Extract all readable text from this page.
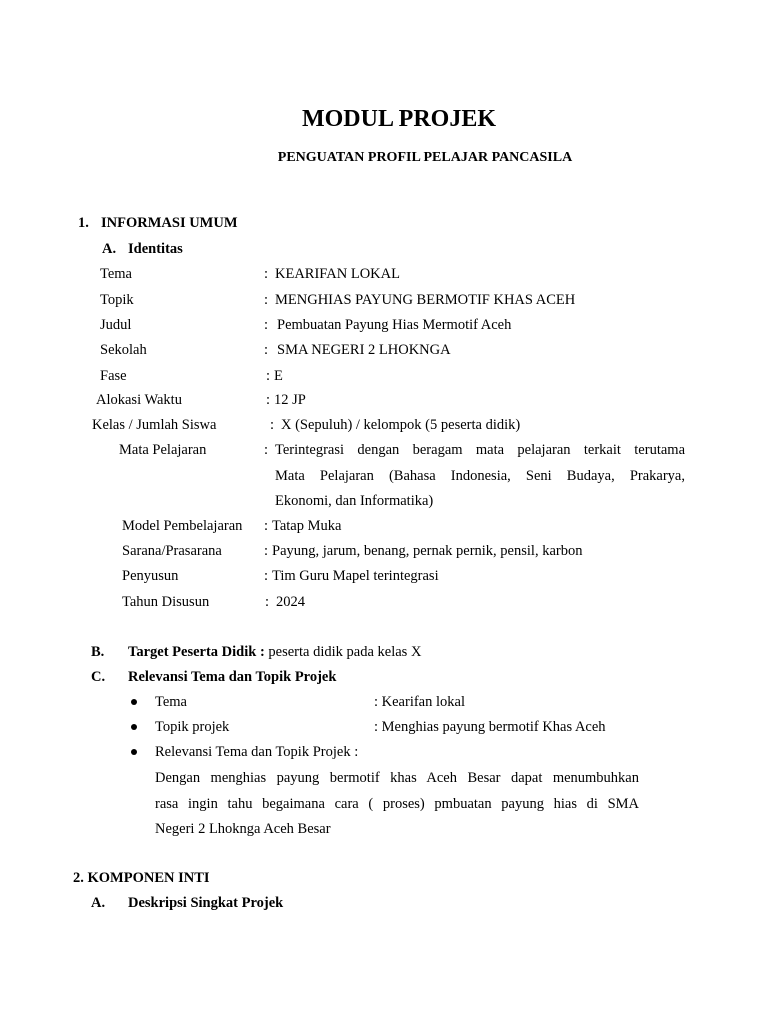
MODUL PROJEK
PENGUATAN PROFIL PELAJAR PANCASILA
1. INFORMASI UMUM
A. Identitas
Tema	: KEARIFAN LOKAL
Topik	: MENGHIAS PAYUNG BERMOTIF KHAS ACEH
Judul	: Pembuatan Payung Hias Mermotif Aceh
Sekolah	: SMA NEGERI 2 LHOKNGA
Fase	: E
Alokasi Waktu	: 12 JP
Kelas / Jumlah Siswa	: X (Sepuluh) / kelompok (5 peserta didik)
Mata Pelajaran	: Terintegrasi dengan beragam mata pelajaran terkait terutama
Mata Pelajaran (Bahasa Indonesia, Seni Budaya, Prakarya,
Ekonomi, dan Informatika)
Model Pembelajaran : Tatap Muka
Sarana/Prasarana	: Payung, jarum, benang, pernak pernik, pensil, karbon
Penyusun	: Tim Guru Mapel terintegrasi
Tahun Disusun	: 2024
B. Target Peserta Didik : peserta didik pada kelas X
C. Relevansi Tema dan Topik Projek
Tema	: Kearifan lokal
Topik projek	: Menghias payung bermotif Khas Aceh
Relevansi Tema dan Topik Projek :
Dengan menghias payung bermotif khas Aceh Besar dapat menumbuhkan
rasa ingin tahu begaimana cara ( proses) pmbuatan payung hias di SMA
Negeri 2 Lhoknga Aceh Besar
2. KOMPONEN INTI
A. Deskripsi Singkat Projek
